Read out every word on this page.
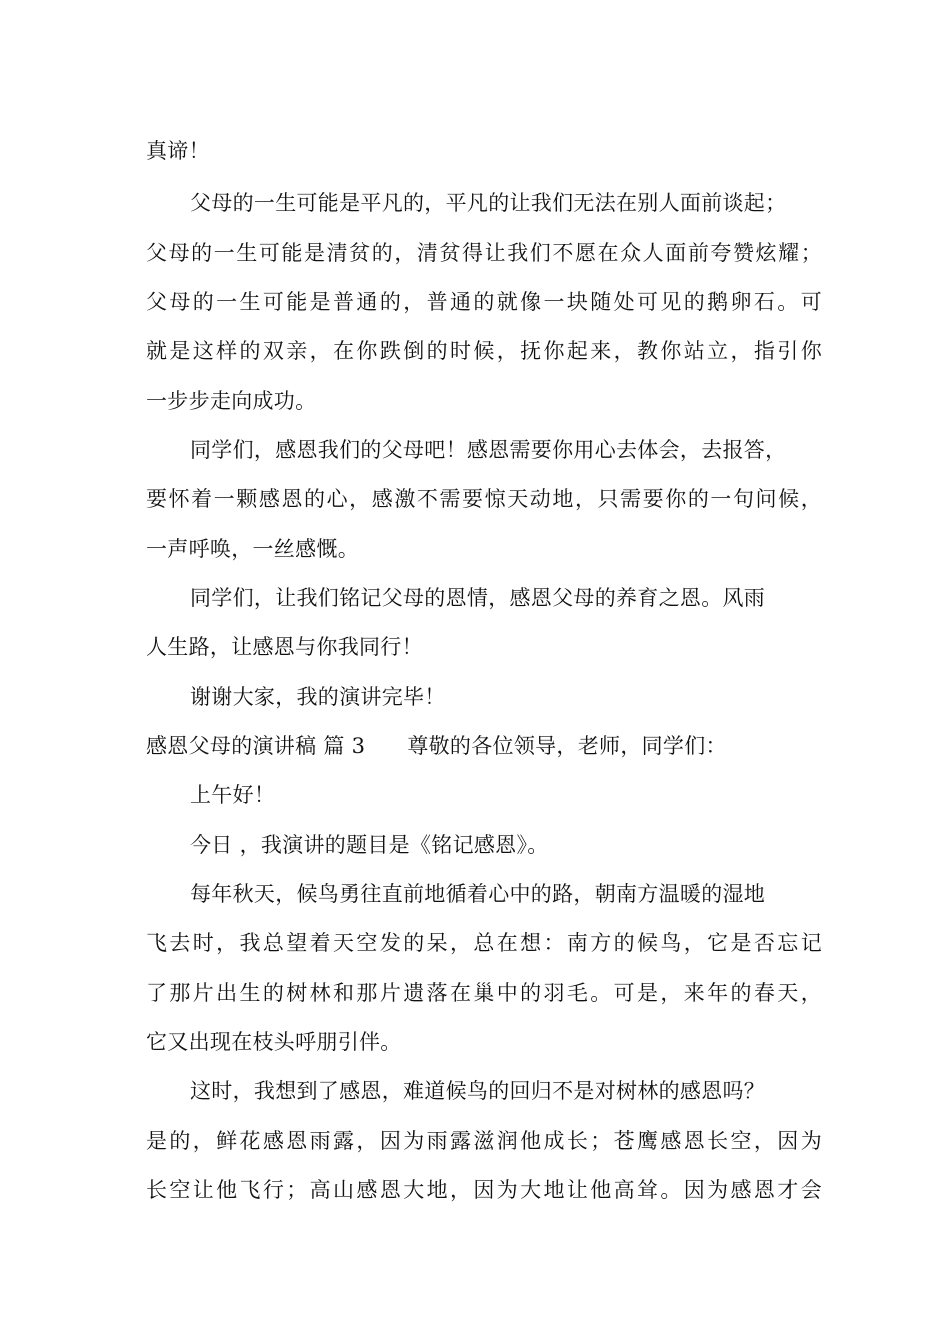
真谛！
父母的一生可能是平凡的，平凡的让我们无法在别人面前谈起；
父母的一生可能是清贫的，清贫得让我们不愿在众人面前夸赞炫耀；
父母的一生可能是普通的，普通的就像一块随处可见的鹅卵石。可
就是这样的双亲，在你跌倒的时候，抚你起来，教你站立，指引你
一步步走向成功。
同学们，感恩我们的父母吧！感恩需要你用心去体会，去报答，
要怀着一颗感恩的心，感激不需要惊天动地，只需要你的一句问候，
一声呼唤，一丝感慨。
同学们，让我们铭记父母的恩情，感恩父母的养育之恩。风雨
人生路，让感恩与你我同行！
谢谢大家，我的演讲完毕！
感恩父母的演讲稿 篇 3 尊敬的各位领导，老师，同学们：
上午好！
今日 ，我演讲的题目是《铭记感恩》。
每年秋天，候鸟勇往直前地循着心中的路，朝南方温暖的湿地
飞去时，我总望着天空发的呆，总在想：南方的候鸟，它是否忘记
了那片出生的树林和那片遗落在巢中的羽毛。可是，来年的春天，
它又出现在枝头呼朋引伴。
这时，我想到了感恩，难道候鸟的回归不是对树林的感恩吗？
是的，鲜花感恩雨露，因为雨露滋润他成长；苍鹰感恩长空，因为
长空让他飞行；高山感恩大地，因为大地让他高耸。因为感恩才会
